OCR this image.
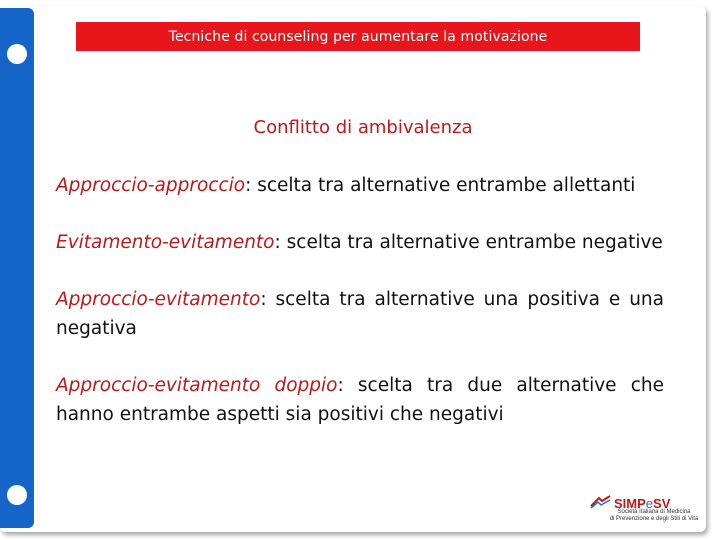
Tecniche di counseling per aumentare la motivazione
Conflitto di ambivalenza

Approccio-approccio: scelta tra alternative entrambe allettanti

Evitamento-evitamento: scelta tra alternative entrambe negative

Approccio-evitamento: scelta tra alternative una positiva e una negativa

Approccio-evitamento doppio: scelta tra due alternative che hanno entrambe aspetti sia positivi che negativi

SIMPeSV
Società Italiana di Medicina
di Prevenzione e degli Stili di Vita
